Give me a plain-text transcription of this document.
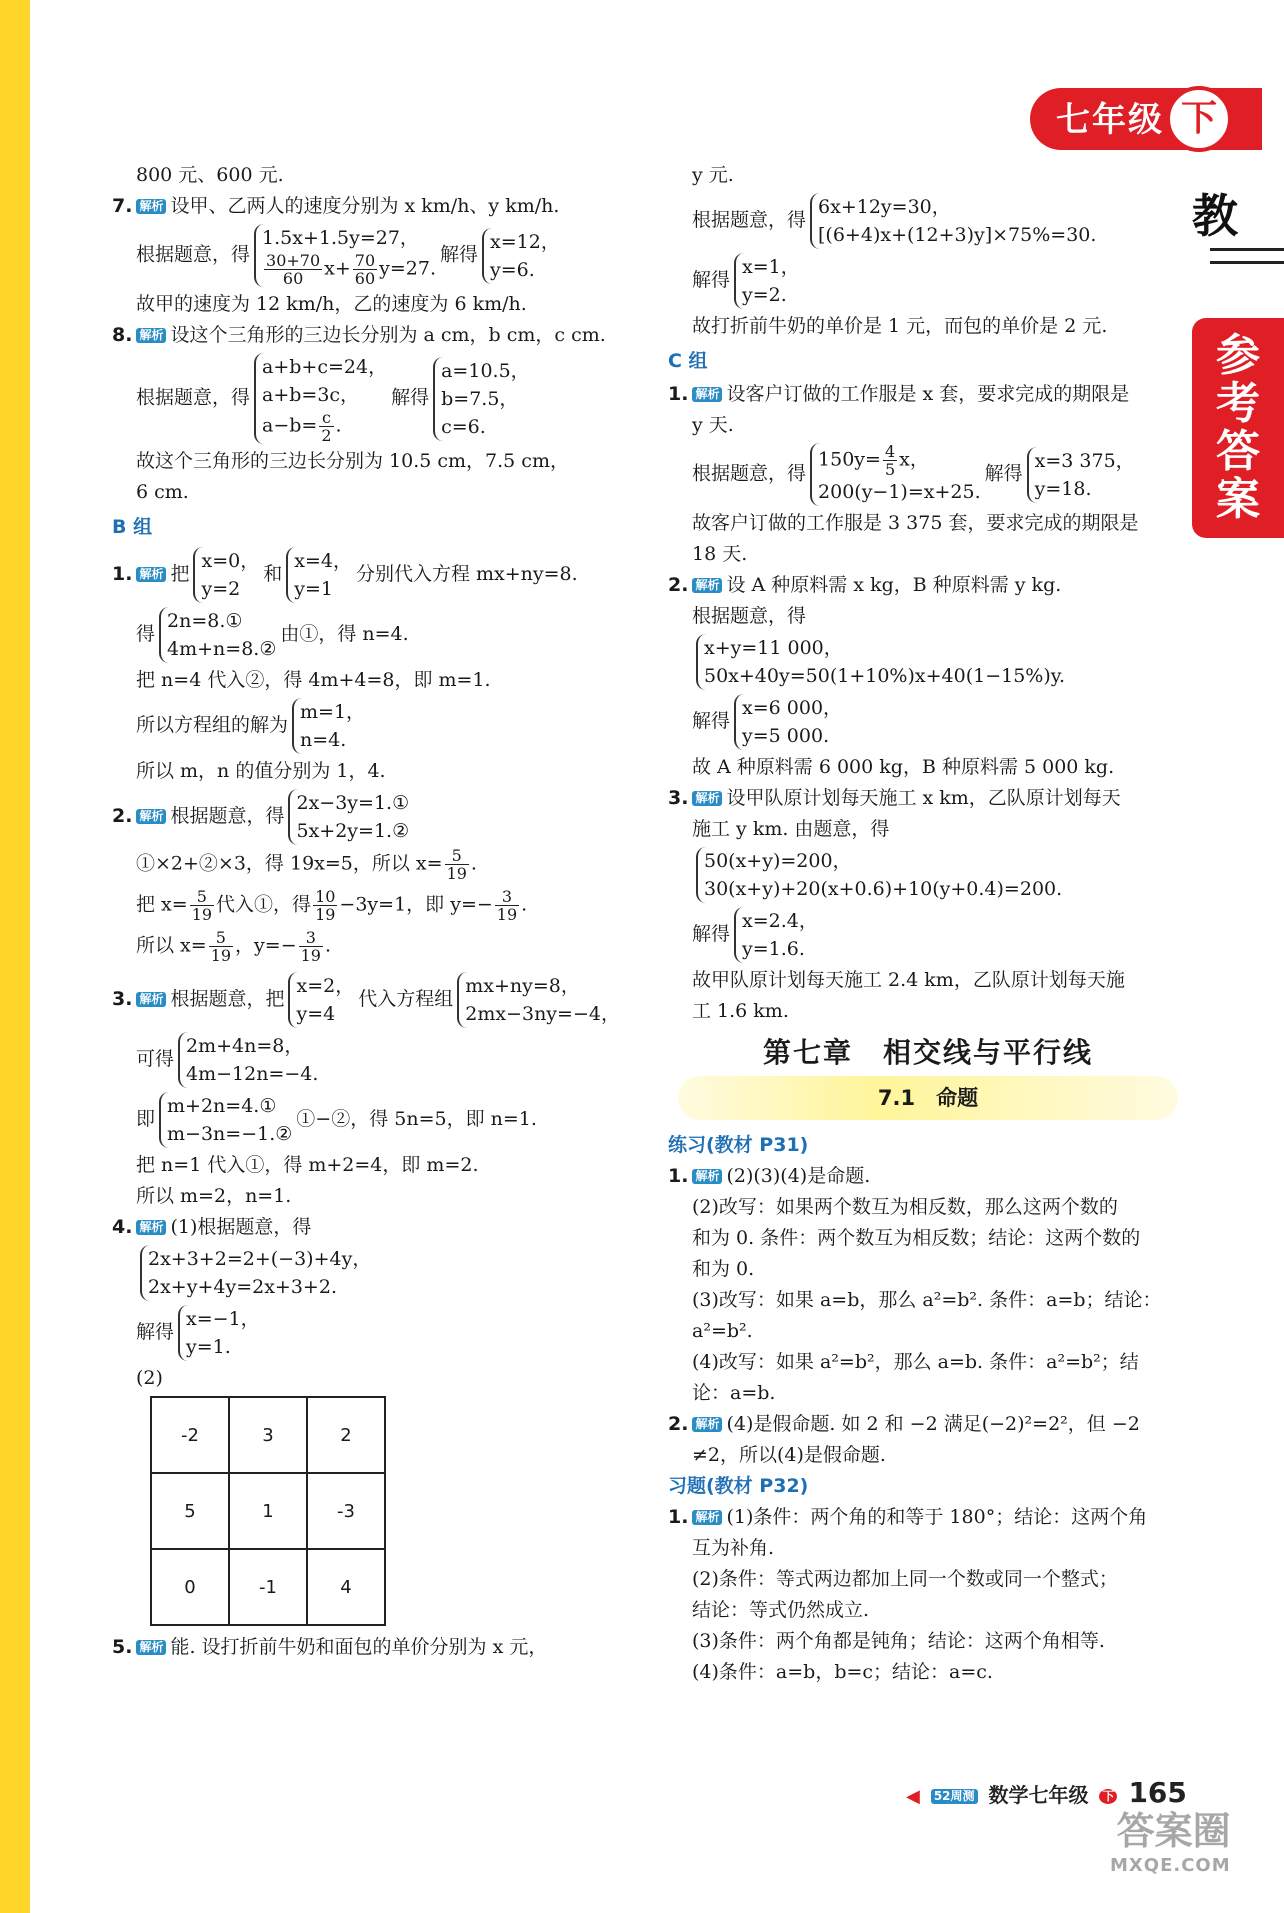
七年级 下
教
参考答案
800 元、600 元.
7. 解析 设甲、乙两人的速度分别为 x km/h、y km/h.
根据题意，得
1.5x+1.5y=27，
$\frac{30+70}{60} x+ \frac{70}{60} y=27$.
解得
x=12，
y=6.
故甲的速度为 12 km/h，乙的速度为 6 km/h.
8. 解析 设这个三角形的三边长分别为 a cm，b cm，c cm.
根据题意，得
a+b+c=24，
a+b=3c，
$a-b= \frac{c}{2}$ .
解得
a=10.5，
b=7.5，
c=6.
故这个三角形的三边长分别为 10.5 cm，7.5 cm，
6 cm.
B 组
1. 解析 把
x=0，
y=2
和
x=4，
y=1
分别代入方程 mx+ny=8.
得
2n=8.①
4m+n=8.②
由①，得 n=4.
把 n=4 代入②，得 4m+4=8，即 m=1.
所以方程组的解为
m=1，
n=4.
所以 m，n 的值分别为 1，4.
2. 解析 根据题意，得
2x−3y=1.①
5x+2y=1.②
①×2+②×3，得 19x=5，所以 $x= \frac{5}{19}$ .
把 $x= \frac{5}{19}$ 代入①，得 $\frac{10}{19} -3y=1$，即 $y=- \frac{3}{19}$ .
所以 $x= \frac{5}{19}$ ，$y=- \frac{3}{19}$ .
3. 解析 根据题意，把
x=2，
y=4
代入方程组
mx+ny=8，
2mx−3ny=−4，
可得
2m+4n=8，
4m−12n=−4.
即
m+2n=4.①
m−3n=−1.②
①−②，得 5n=5，即 n=1.
把 n=1 代入①，得 m+2=4，即 m=2.
所以 m=2，n=1.
4. 解析 (1)根据题意，得
2x+3+2=2+(−3)+4y，
2x+y+4y=2x+3+2.
解得
x=−1，
y=1.
(2)
-2	3	2
5	1	-3
0	-1	4
5. 解析 能. 设打折前牛奶和面包的单价分别为 x 元，
y 元.
根据题意，得
6x+12y=30，
[(6+4)x+(12+3)y]×75%=30.
解得
x=1，
y=2.
故打折前牛奶的单价是 1 元，而包的单价是 2 元.
C 组
1. 解析 设客户订做的工作服是 x 套，要求完成的期限是
y 天.
根据题意，得
$150y= \frac{4}{5}$ x，
200(y−1)=x+25.
解得
x=3 375，
y=18.
故客户订做的工作服是 3 375 套，要求完成的期限是
18 天.
2. 解析 设 A 种原料需 x kg，B 种原料需 y kg.
根据题意，得
x+y=11 000，
50x+40y=50(1+10%)x+40(1−15%)y.
解得
x=6 000，
y=5 000.
故 A 种原料需 6 000 kg，B 种原料需 5 000 kg.
3. 解析 设甲队原计划每天施工 x km，乙队原计划每天
施工 y km. 由题意，得
50(x+y)=200，
30(x+y)+20(x+0.6)+10(y+0.4)=200.
解得
x=2.4，
y=1.6.
故甲队原计划每天施工 2.4 km，乙队原计划每天施
工 1.6 km.
第七章　相交线与平行线
7.1　命题
练习(教材 P31)
1. 解析 (2)(3)(4)是命题.
(2)改写：如果两个数互为相反数，那么这两个数的
和为 0. 条件：两个数互为相反数；结论：这两个数的
和为 0.
(3)改写：如果 a=b，那么 a²=b². 条件：a=b；结论：
a²=b².
(4)改写：如果 a²=b²，那么 a=b. 条件：a²=b²；结
论：a=b.
2. 解析 (4)是假命题. 如 2 和 −2 满足(−2)²=2²，但 −2
≠2，所以(4)是假命题.
习题(教材 P32)
1. 解析 (1)条件：两个角的和等于 180°；结论：这两个角
互为补角.
(2)条件：等式两边都加上同一个数或同一个整式；
结论：等式仍然成立.
(3)条件：两个角都是钝角；结论：这两个角相等.
(4)条件：a=b，b=c；结论：a=c.
◀ 52周测 数学七年级 下 165
答案圈
MXQE.COM
